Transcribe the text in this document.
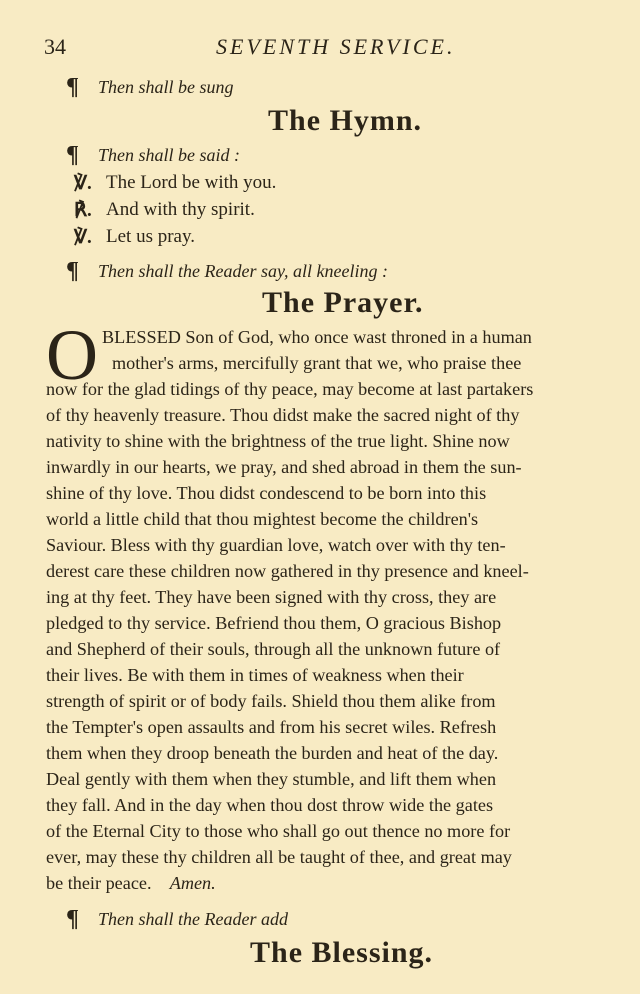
34	SEVENTH SERVICE.
¶ Then shall be sung
The Hymn.
¶ Then shall be said :
℣. The Lord be with you.
℟. And with thy spirit.
℣. Let us pray.
¶ Then shall the Reader say, all kneeling :
The Prayer.
O BLESSED Son of God, who once wast throned in a human
mother's arms, mercifully grant that we, who praise thee
now for the glad tidings of thy peace, may become at last partakers
of thy heavenly treasure. Thou didst make the sacred night of thy
nativity to shine with the brightness of the true light. Shine now
inwardly in our hearts, we pray, and shed abroad in them the sun-
shine of thy love. Thou didst condescend to be born into this
world a little child that thou mightest become the children's
Saviour. Bless with thy guardian love, watch over with thy ten-
derest care these children now gathered in thy presence and kneel-
ing at thy feet. They have been signed with thy cross, they are
pledged to thy service. Befriend thou them, O gracious Bishop
and Shepherd of their souls, through all the unknown future of
their lives. Be with them in times of weakness when their
strength of spirit or of body fails. Shield thou them alike from
the Tempter's open assaults and from his secret wiles. Refresh
them when they droop beneath the burden and heat of the day.
Deal gently with them when they stumble, and lift them when
they fall. And in the day when thou dost throw wide the gates
of the Eternal City to those who shall go out thence no more for
ever, may these thy children all be taught of thee, and great may
be their peace. Amen.
¶ Then shall the Reader add
The Blessing.
